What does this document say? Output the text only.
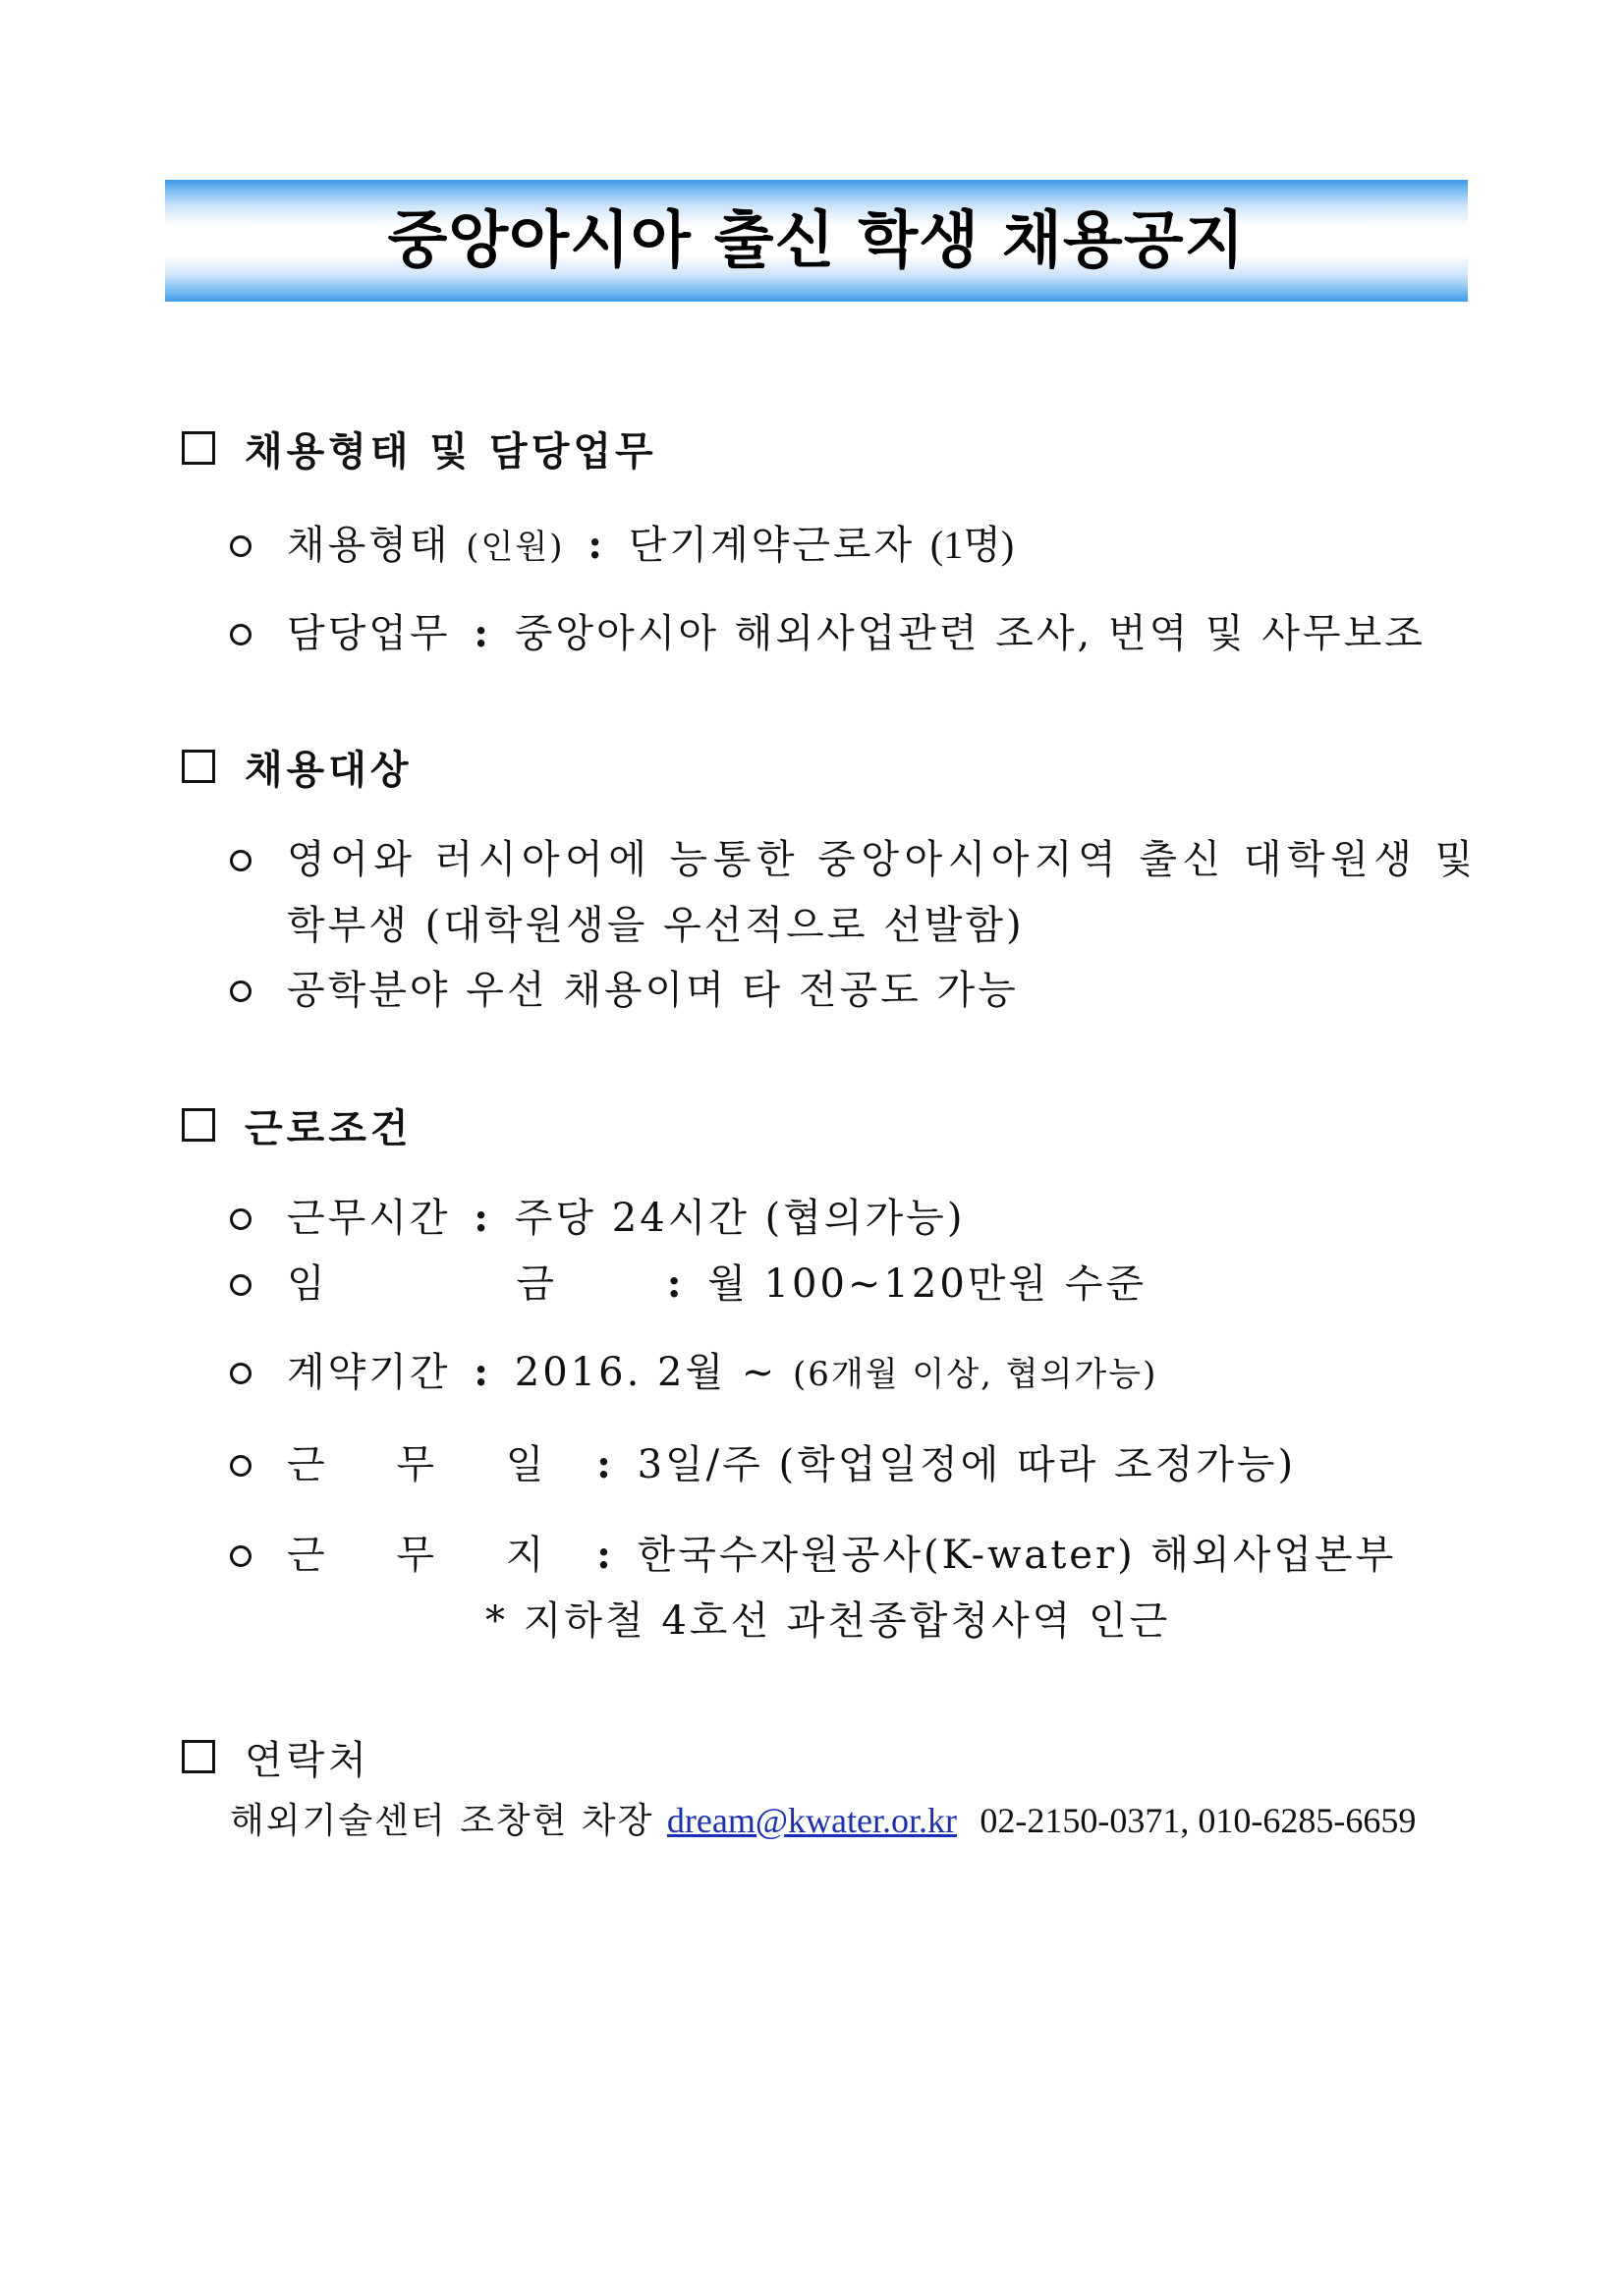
중앙아시아 출신 학생 채용공지
채용형태 및 담당업무
채용형태 (인원) : 단기계약근로자 (1명)
담당업무 : 중앙아시아 해외사업관련 조사, 번역 및 사무보조
채용대상
영어와 러시아어에 능통한 중앙아시아지역 출신 대학원생 및
학부생 (대학원생을 우선적으로 선발함)
공학분야 우선 채용이며 타 전공도 가능
근로조건
근무시간 : 주당 24시간 (협의가능)
임 금 : 월 100~120만원 수준
계약기간 : 2016. 2월 ~ (6개월 이상, 협의가능)
근 무 일 : 3일/주 (학업일정에 따라 조정가능)
근 무 지 : 한국수자원공사(K-water) 해외사업본부
* 지하철 4호선 과천종합청사역 인근
연락처
해외기술센터 조창현 차장 dream@kwater.or.kr 02-2150-0371, 010-6285-6659
